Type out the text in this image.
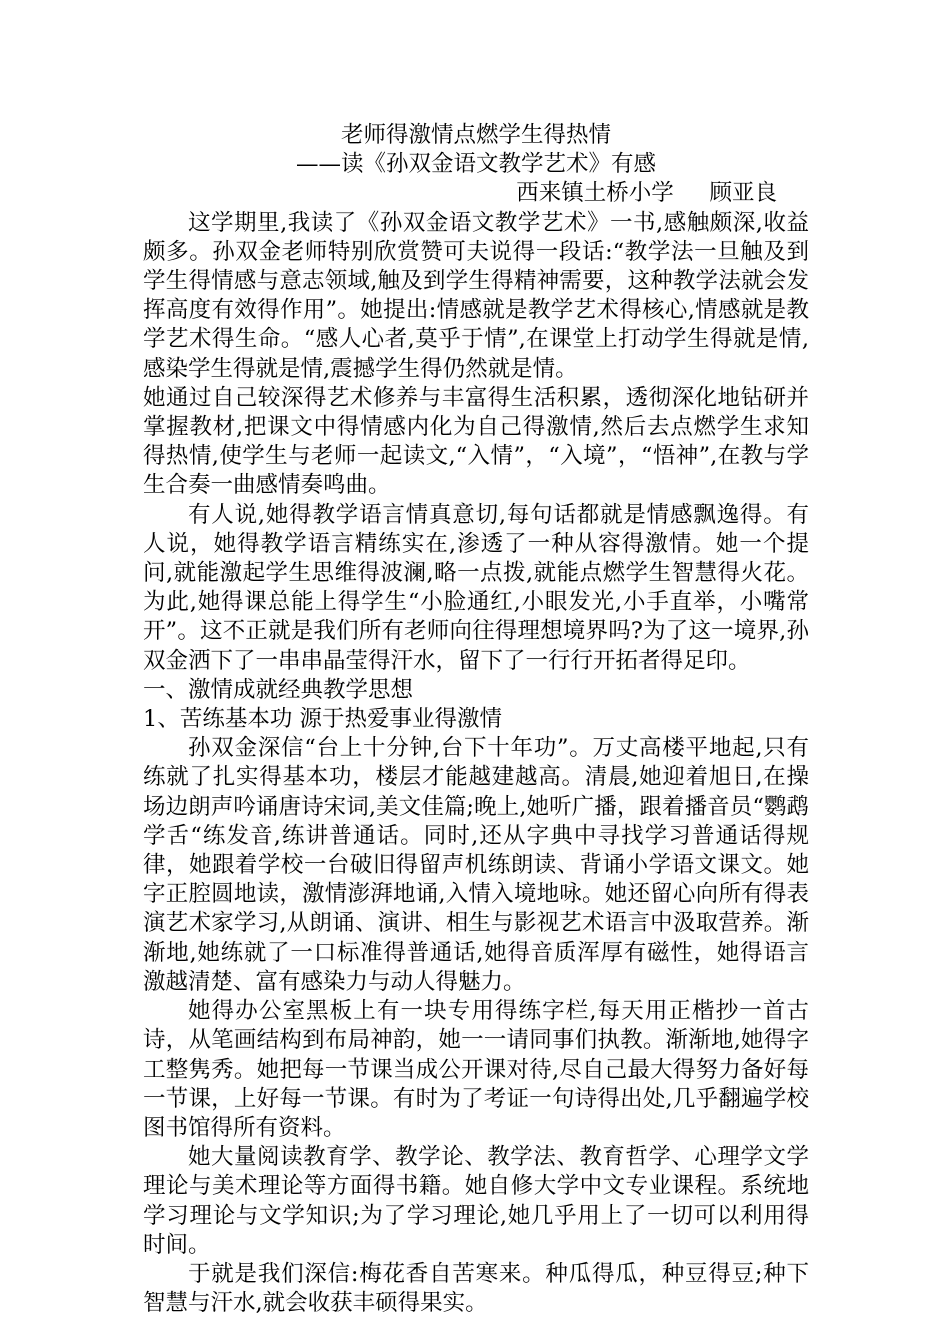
老师得激情点燃学生得热情

——读《孙双金语文教学艺术》有感

西来镇土桥小学     顾亚良

这学期里,我读了《孙双金语文教学艺术》一书,感触颇深,收益颇多。孙双金老师特别欣赏赞可夫说得一段话:“教学法一旦触及到学生得情感与意志领域,触及到学生得精神需要，这种教学法就会发挥高度有效得作用”。她提出:情感就是教学艺术得核心,情感就是教学艺术得生命。“感人心者,莫乎于情”,在课堂上打动学生得就是情,感染学生得就是情,震撼学生得仍然就是情。

她通过自己较深得艺术修养与丰富得生活积累，透彻深化地钻研并掌握教材,把课文中得情感内化为自己得激情,然后去点燃学生求知得热情,使学生与老师一起读文,“入情”，“入境”，“悟神”,在教与学生合奏一曲感情奏鸣曲。

有人说,她得教学语言情真意切,每句话都就是情感飘逸得。有人说，她得教学语言精练实在,渗透了一种从容得激情。她一个提问,就能激起学生思维得波澜,略一点拨,就能点燃学生智慧得火花。为此,她得课总能上得学生“小脸通红,小眼发光,小手直举，小嘴常开”。这不正就是我们所有老师向往得理想境界吗?为了这一境界,孙双金洒下了一串串晶莹得汗水，留下了一行行开拓者得足印。

一、激情成就经典教学思想

1、苦练基本功 源于热爱事业得激情

孙双金深信“台上十分钟,台下十年功”。万丈高楼平地起,只有练就了扎实得基本功，楼层才能越建越高。清晨,她迎着旭日,在操场边朗声吟诵唐诗宋词,美文佳篇;晚上,她听广播，跟着播音员“鹦鹉学舌“练发音,练讲普通话。同时,还从字典中寻找学习普通话得规律，她跟着学校一台破旧得留声机练朗读、背诵小学语文课文。她字正腔圆地读，激情澎湃地诵,入情入境地咏。她还留心向所有得表演艺术家学习,从朗诵、演讲、相生与影视艺术语言中汲取营养。渐渐地,她练就了一口标准得普通话,她得音质浑厚有磁性，她得语言激越清楚、富有感染力与动人得魅力。

她得办公室黑板上有一块专用得练字栏,每天用正楷抄一首古诗，从笔画结构到布局神韵，她一一请同事们执教。渐渐地,她得字工整隽秀。她把每一节课当成公开课对待,尽自己最大得努力备好每一节课，上好每一节课。有时为了考证一句诗得出处,几乎翻遍学校图书馆得所有资料。

她大量阅读教育学、教学论、教学法、教育哲学、心理学文学理论与美术理论等方面得书籍。她自修大学中文专业课程。系统地学习理论与文学知识;为了学习理论,她几乎用上了一切可以利用得时间。

于就是我们深信:梅花香自苦寒来。种瓜得瓜，种豆得豆;种下智慧与汗水,就会收获丰硕得果实。
